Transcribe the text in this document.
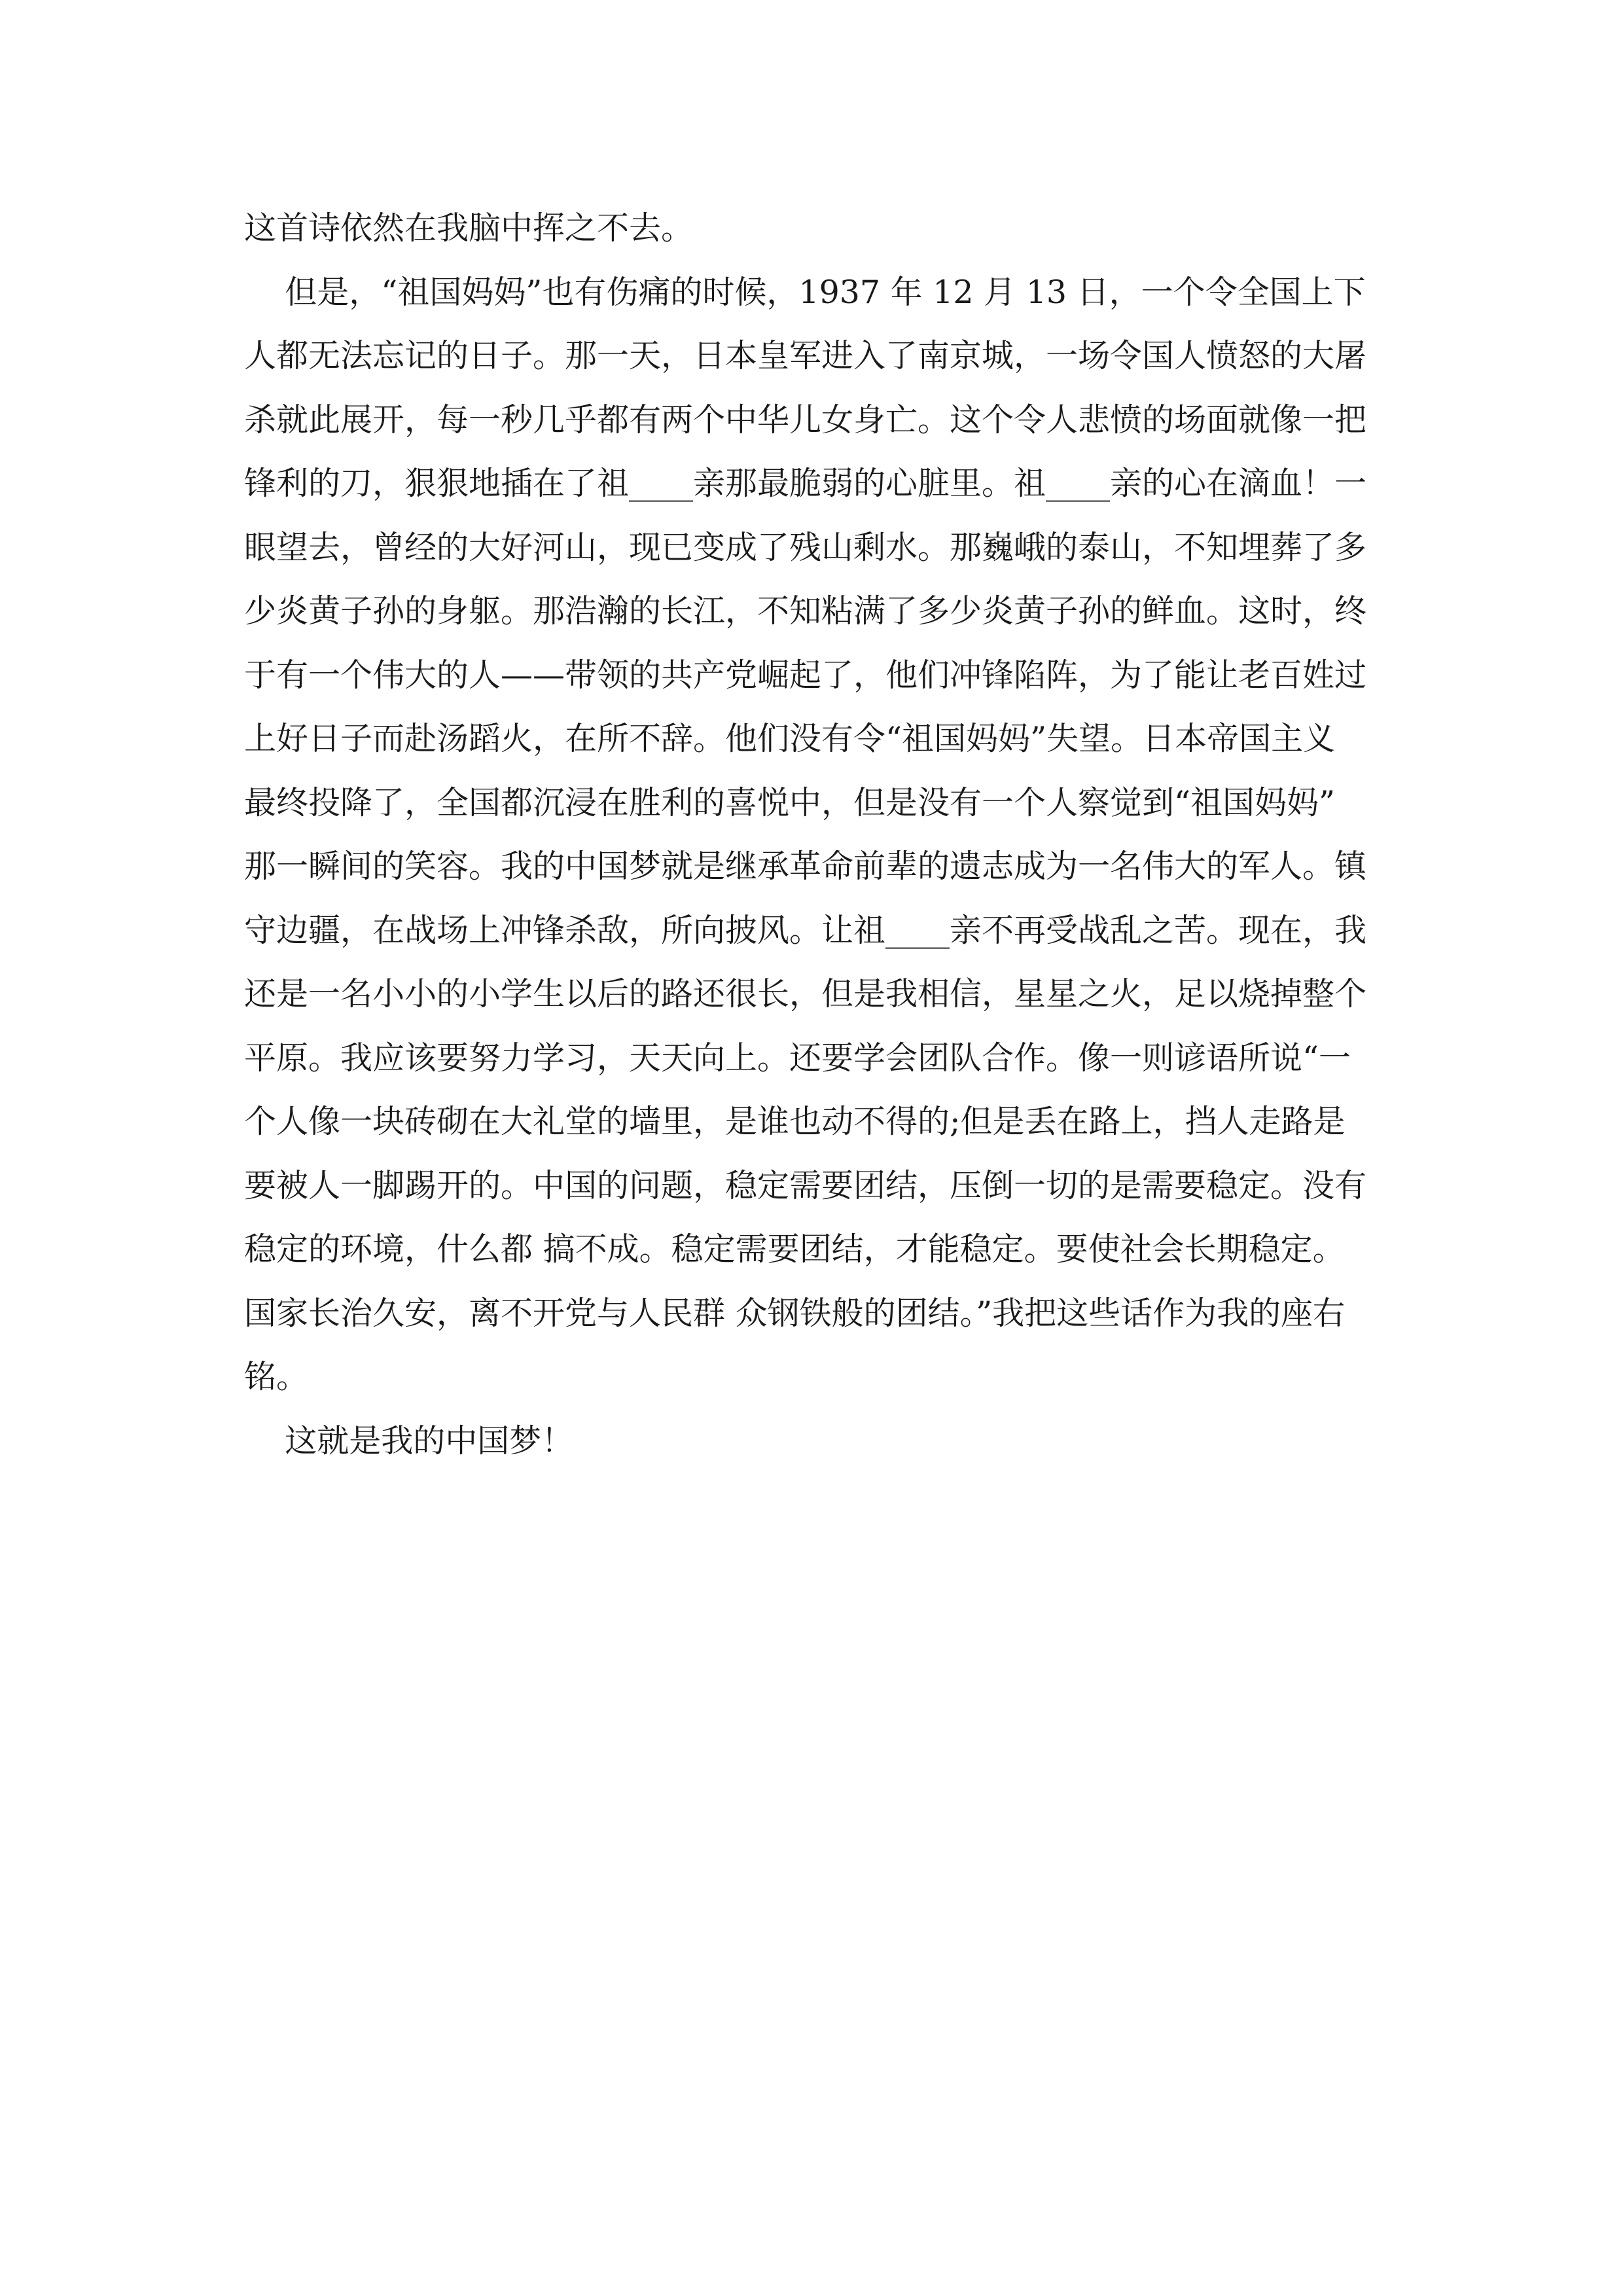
这首诗依然在我脑中挥之不去。
但是，“祖国妈妈”也有伤痛的时候，1937 年 12 月 13 日，一个令全国上下
人都无法忘记的日子。那一天，日本皇军进入了南京城，一场令国人愤怒的大屠
杀就此展开，每一秒几乎都有两个中华儿女身亡。这个令人悲愤的场面就像一把
锋利的刀，狠狠地插在了祖____亲那最脆弱的心脏里。祖____亲的心在滴血！一
眼望去，曾经的大好河山，现已变成了残山剩水。那巍峨的泰山，不知埋葬了多
少炎黄子孙的身躯。那浩瀚的长江，不知粘满了多少炎黄子孙的鲜血。这时，终
于有一个伟大的人——带领的共产党崛起了，他们冲锋陷阵，为了能让老百姓过
上好日子而赴汤蹈火，在所不辞。他们没有令“祖国妈妈”失望。日本帝国主义
最终投降了，全国都沉浸在胜利的喜悦中，但是没有一个人察觉到“祖国妈妈”
那一瞬间的笑容。我的中国梦就是继承革命前辈的遗志成为一名伟大的军人。镇
守边疆，在战场上冲锋杀敌，所向披风。让祖____亲不再受战乱之苦。现在，我
还是一名小小的小学生以后的路还很长，但是我相信，星星之火，足以烧掉整个
平原。我应该要努力学习，天天向上。还要学会团队合作。像一则谚语所说“一
个人像一块砖砌在大礼堂的墙里，是谁也动不得的;但是丢在路上，挡人走路是
要被人一脚踢开的。中国的问题，稳定需要团结，压倒一切的是需要稳定。没有
稳定的环境，什么都 搞不成。稳定需要团结，才能稳定。要使社会长期稳定。
国家长治久安，离不开党与人民群 众钢铁般的团结。”我把这些话作为我的座右
铭。
这就是我的中国梦！
